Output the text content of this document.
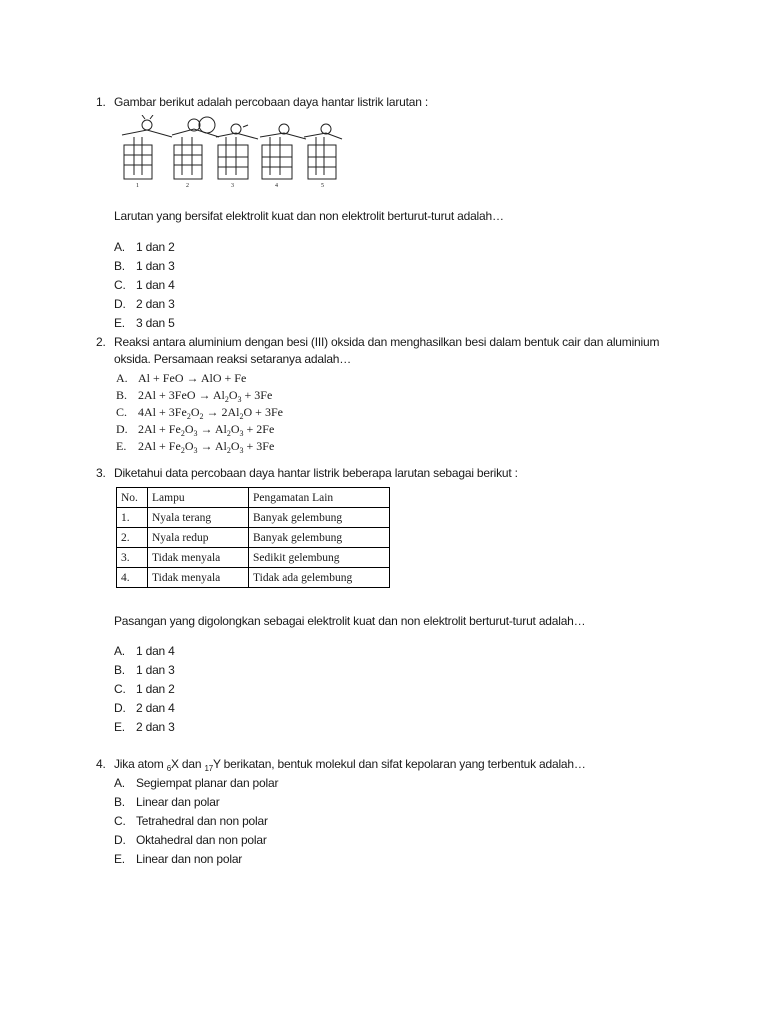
1. Gambar berikut adalah percobaan daya hantar listrik larutan :
1	2	3	4	5
Larutan yang bersifat elektrolit kuat dan non elektrolit berturut-turut adalah…
A. 1 dan 2
B. 1 dan 3
C. 1 dan 4
D. 2 dan 3
E. 3 dan 5
2. Reaksi antara aluminium dengan besi (III) oksida dan menghasilkan besi dalam bentuk cair dan aluminium
oksida. Persamaan reaksi setaranya adalah…
A. Al + FeO → AlO + Fe
B. $2Al + 3FeO \to Al_2O_3 + 3Fe$
C. $4Al + 3Fe_2O_2 \to 2Al_2O + 3Fe$
D. $2Al + Fe_2O_3 \to Al_2O_3 + 2Fe$
E. $2Al + Fe_2O_3 \to Al_2O_3 + 3Fe$
3. Diketahui data percobaan daya hantar listrik beberapa larutan sebagai berikut :
No.	Lampu	Pengamatan Lain
1.	Nyala terang	Banyak gelembung
2.	Nyala redup	Banyak gelembung
3.	Tidak menyala	Sedikit gelembung
4.	Tidak menyala	Tidak ada gelembung
Pasangan yang digolongkan sebagai elektrolit kuat dan non elektrolit berturut-turut adalah…
A. 1 dan 4
B. 1 dan 3
C. 1 dan 2
D. 2 dan 4
E. 2 dan 3
4. Jika atom $_6$X dan $_{17}$Y berikatan, bentuk molekul dan sifat kepolaran yang terbentuk adalah…
A. Segiempat planar dan polar
B. Linear dan polar
C. Tetrahedral dan non polar
D. Oktahedral dan non polar
E. Linear dan non polar
